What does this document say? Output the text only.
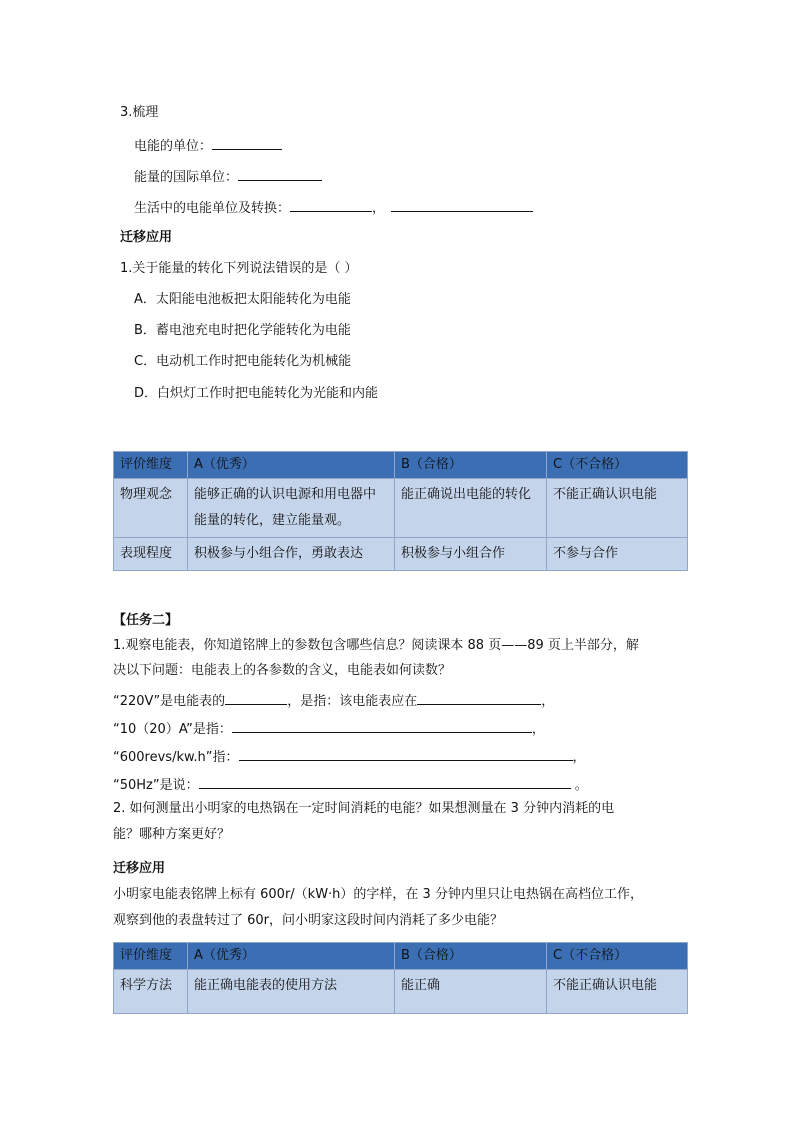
3.梳理
电能的单位：
能量的国际单位：
生活中的电能单位及转换：	，
迁移应用
1.关于能量的转化下列说法错误的是（ ）
A．太阳能电池板把太阳能转化为电能
B．蓄电池充电时把化学能转化为电能
C．电动机工作时把电能转化为机械能
D．白炽灯工作时把电能转化为光能和内能
评价维度	A（优秀）	B（合格）	C（不合格）
物理观念	能够正确的认识电源和用电器中能量的转化，建立能量观。	能正确说出电能的转化	不能正确认识电能
表现程度	积极参与小组合作，勇敢表达	积极参与小组合作	不参与合作
【任务二】
1.观察电能表，你知道铭牌上的参数包含哪些信息？阅读课本 88 页——89 页上半部分，解
决以下问题：电能表上的各参数的含义，电能表如何读数？
“220V”是电能表的	，是指：该电能表应在	，
“10（20）A”是指：	，
“600revs/kw.h”指：	，
“50Hz”是说：	。
2. 如何测量出小明家的电热锅在一定时间消耗的电能？如果想测量在 3 分钟内消耗的电
能？哪种方案更好？
迁移应用
小明家电能表铭牌上标有 600r/（kW·h）的字样，在 3 分钟内里只让电热锅在高档位工作，
观察到他的表盘转过了 60r，问小明家这段时间内消耗了多少电能？
评价维度	A（优秀）	B（合格）	C（不合格）
科学方法	能正确电能表的使用方法	能正确	不能正确认识电能
